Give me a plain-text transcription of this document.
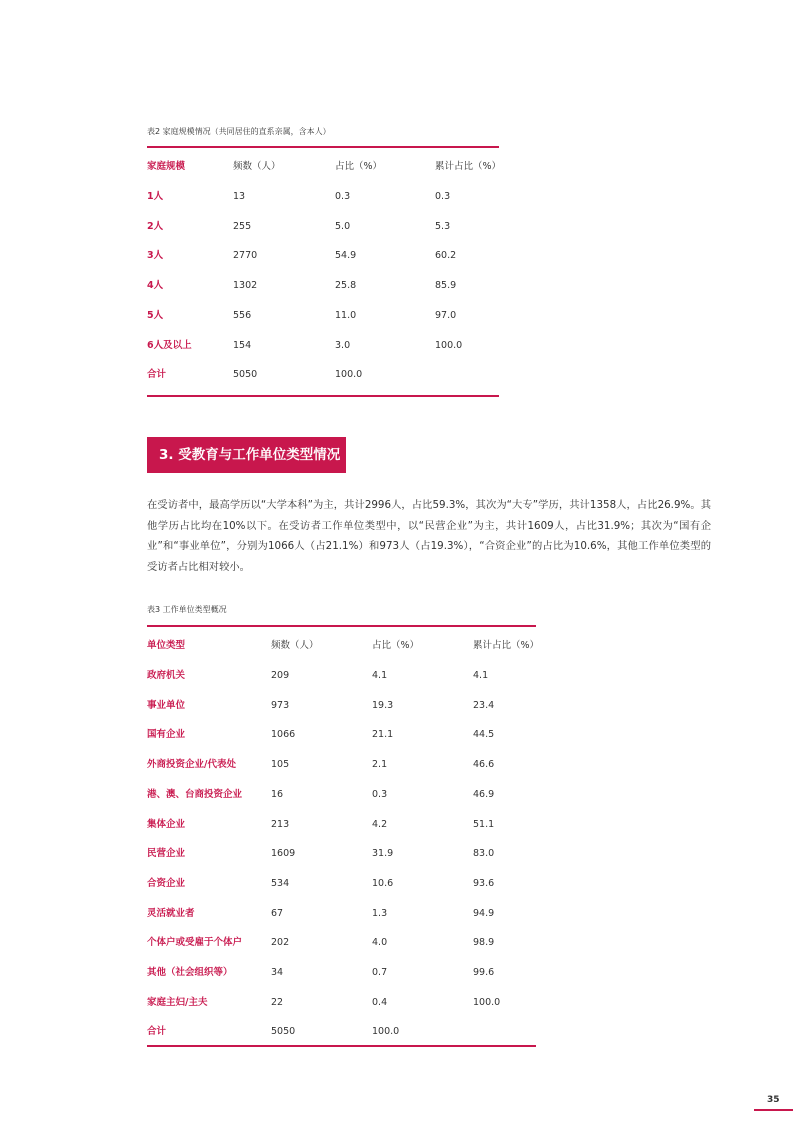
表2 家庭规模情况（共同居住的直系亲属，含本人）
家庭规模	频数（人）	占比（%）	累计占比（%）
1人	13	0.3	0.3
2人	255	5.0	5.3
3人	2770	54.9	60.2
4人	1302	25.8	85.9
5人	556	11.0	97.0
6人及以上	154	3.0	100.0
合计	5050	100.0
3. 受教育与工作单位类型情况
在受访者中，最高学历以“大学本科”为主，共计2996人，占比59.3%，其次为“大专”学历，共计1358人，占比26.9%。其他学历占比均在10%以下。在受访者工作单位类型中，以“民营企业”为主，共计1609人，占比31.9%；其次为“国有企业”和“事业单位”，分别为1066人（占21.1%）和973人（占19.3%），“合资企业”的占比为10.6%，其他工作单位类型的受访者占比相对较小。
表3 工作单位类型概况
单位类型	频数（人）	占比（%）	累计占比（%）
政府机关	209	4.1	4.1
事业单位	973	19.3	23.4
国有企业	1066	21.1	44.5
外商投资企业/代表处	105	2.1	46.6
港、澳、台商投资企业	16	0.3	46.9
集体企业	213	4.2	51.1
民营企业	1609	31.9	83.0
合资企业	534	10.6	93.6
灵活就业者	67	1.3	94.9
个体户或受雇于个体户	202	4.0	98.9
其他（社会组织等）	34	0.7	99.6
家庭主妇/主夫	22	0.4	100.0
合计	5050	100.0
35
